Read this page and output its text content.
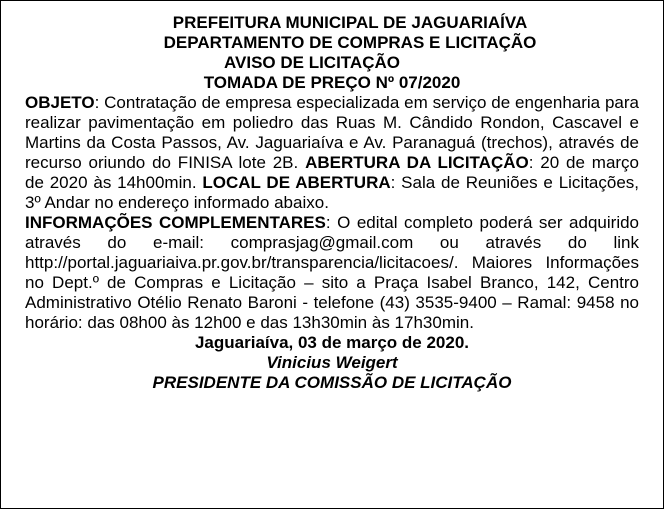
PREFEITURA MUNICIPAL DE JAGUARIAÍVA

DEPARTAMENTO DE COMPRAS E LICITAÇÃO

AVISO DE LICITAÇÃO

TOMADA DE PREÇO Nº 07/2020

OBJETO: Contratação de empresa especializada em serviço de engenharia para realizar pavimentação em poliedro das Ruas M. Cândido Rondon, Cascavel e Martins da Costa Passos, Av. Jaguariaíva e Av. Paranaguá (trechos), através de recurso oriundo do FINISA lote 2B. ABERTURA DA LICITAÇÃO: 20 de março de 2020 às 14h00min. LOCAL DE ABERTURA: Sala de Reuniões e Licitações, 3º Andar no endereço informado abaixo.

INFORMAÇÕES COMPLEMENTARES: O edital completo poderá ser adquirido através do e-mail: comprasjag@gmail.com ou através do link http://portal.jaguariaiva.pr.gov.br/transparencia/licitacoes/. Maiores Informações no Dept.º de Compras e Licitação – sito a Praça Isabel Branco, 142, Centro Administrativo Otélio Renato Baroni - telefone (43) 3535-9400 – Ramal: 9458 no horário: das 08h00 às 12h00 e das 13h30min às 17h30min.

Jaguariaíva, 03 de março de 2020.

Vinicius Weigert

PRESIDENTE DA COMISSÃO DE LICITAÇÃO
